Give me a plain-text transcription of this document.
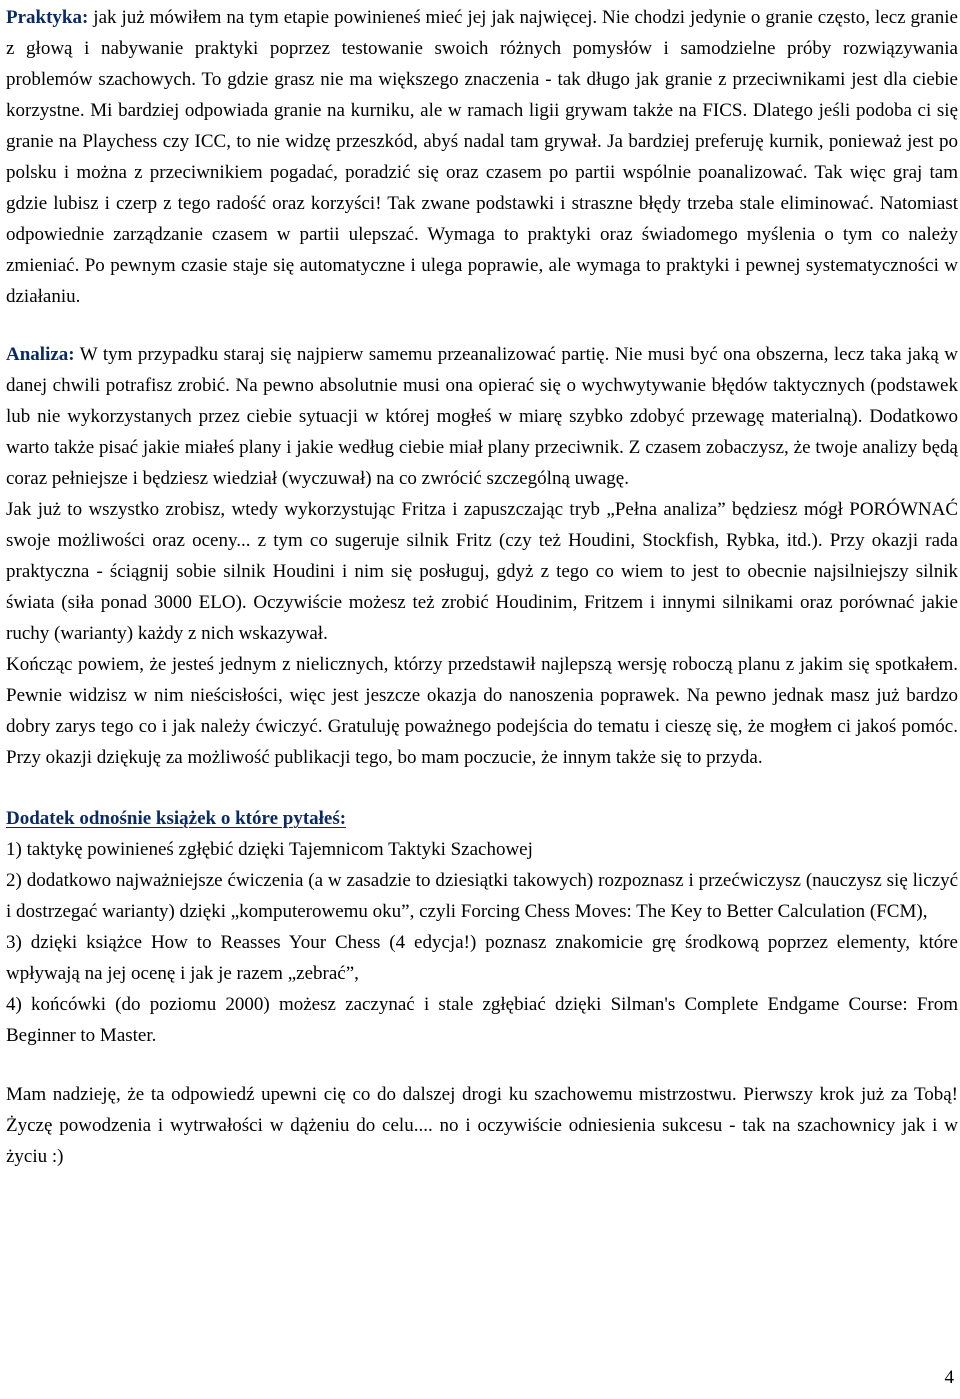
Praktyka: jak już mówiłem na tym etapie powinieneś mieć jej jak najwięcej. Nie chodzi jedynie o granie często, lecz granie z głową i nabywanie praktyki poprzez testowanie swoich różnych pomysłów i samodzielne próby rozwiązywania problemów szachowych. To gdzie grasz nie ma większego znaczenia - tak długo jak granie z przeciwnikami jest dla ciebie korzystne. Mi bardziej odpowiada granie na kurniku, ale w ramach ligii grywam także na FICS. Dlatego jeśli podoba ci się granie na Playchess czy ICC, to nie widzę przeszkód, abyś nadal tam grywał. Ja bardziej preferuję kurnik, ponieważ jest po polsku i można z przeciwnikiem pogadać, poradzić się oraz czasem po partii wspólnie poanalizować. Tak więc graj tam gdzie lubisz i czerp z tego radość oraz korzyści! Tak zwane podstawki i straszne błędy trzeba stale eliminować. Natomiast odpowiednie zarządzanie czasem w partii ulepszać. Wymaga to praktyki oraz świadomego myślenia o tym co należy zmieniać. Po pewnym czasie staje się automatyczne i ulega poprawie, ale wymaga to praktyki i pewnej systematyczności w działaniu.

Analiza: W tym przypadku staraj się najpierw samemu przeanalizować partię. Nie musi być ona obszerna, lecz taka jaką w danej chwili potrafisz zrobić. Na pewno absolutnie musi ona opierać się o wychwytywanie błędów taktycznych (podstawek lub nie wykorzystanych przez ciebie sytuacji w której mogłeś w miarę szybko zdobyć przewagę materialną). Dodatkowo warto także pisać jakie miałeś plany i jakie według ciebie miał plany przeciwnik. Z czasem zobaczysz, że twoje analizy będą coraz pełniejsze i będziesz wiedział (wyczuwał) na co zwrócić szczególną uwagę.

Jak już to wszystko zrobisz, wtedy wykorzystując Fritza i zapuszczając tryb „Pełna analiza” będziesz mógł PORÓWNAĆ swoje możliwości oraz oceny... z tym co sugeruje silnik Fritz (czy też Houdini, Stockfish, Rybka, itd.). Przy okazji rada praktyczna - ściągnij sobie silnik Houdini i nim się posługuj, gdyż z tego co wiem to jest to obecnie najsilniejszy silnik świata (siła ponad 3000 ELO). Oczywiście możesz też zrobić Houdinim, Fritzem i innymi silnikami oraz porównać jakie ruchy (warianty) każdy z nich wskazywał.

Kończąc powiem, że jesteś jednym z nielicznych, którzy przedstawił najlepszą wersję roboczą planu z jakim się spotkałem. Pewnie widzisz w nim nieścisłości, więc jest jeszcze okazja do nanoszenia poprawek. Na pewno jednak masz już bardzo dobry zarys tego co i jak należy ćwiczyć. Gratuluję poważnego podejścia do tematu i cieszę się, że mogłem ci jakoś pomóc. Przy okazji dziękuję za możliwość publikacji tego, bo mam poczucie, że innym także się to przyda.

Dodatek odnośnie książek o które pytałeś:

1) taktykę powinieneś zgłębić dzięki Tajemnicom Taktyki Szachowej

2) dodatkowo najważniejsze ćwiczenia (a w zasadzie to dziesiątki takowych) rozpoznasz i przećwiczysz (nauczysz się liczyć i dostrzegać warianty) dzięki „komputerowemu oku”, czyli Forcing Chess Moves: The Key to Better Calculation (FCM),

3) dzięki książce How to Reasses Your Chess (4 edycja!) poznasz znakomicie grę środkową poprzez elementy, które wpływają na jej ocenę i jak je razem „zebrać”,

4) końcówki (do poziomu 2000) możesz zaczynać i stale zgłębiać dzięki Silman's Complete Endgame Course: From Beginner to Master.

Mam nadzieję, że ta odpowiedź upewni cię co do dalszej drogi ku szachowemu mistrzostwu. Pierwszy krok już za Tobą! Życzę powodzenia i wytrwałości w dążeniu do celu.... no i oczywiście odniesienia sukcesu - tak na szachownicy jak i w życiu :)

4
